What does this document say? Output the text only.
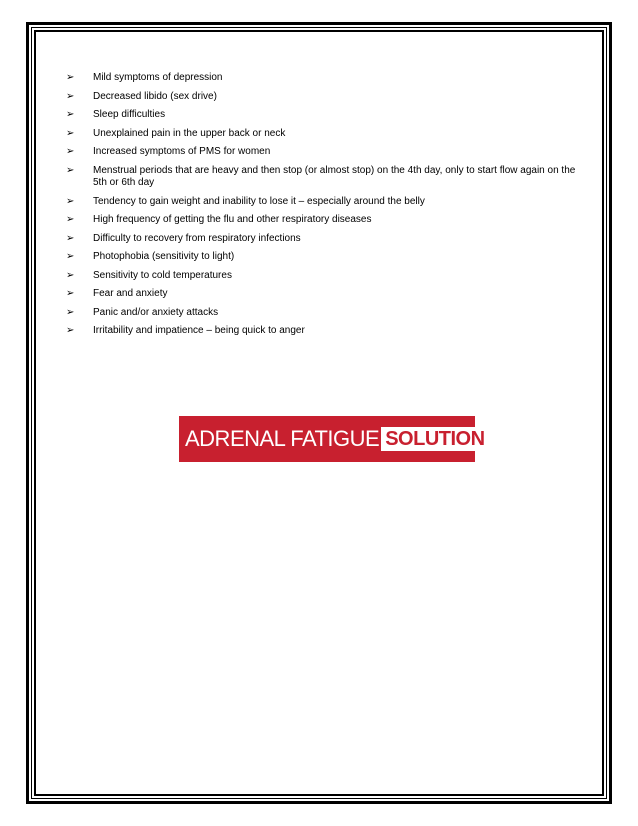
➢	Mild symptoms of depression
➢	Decreased libido (sex drive)
➢	Sleep difficulties
➢	Unexplained pain in the upper back or neck
➢	Increased symptoms of PMS for women
➢	Menstrual periods that are heavy and then stop (or almost stop) on the 4th day, only to start flow again on the 5th or 6th day
➢	Tendency to gain weight and inability to lose it – especially around the belly
➢	High frequency of getting the flu and other respiratory diseases
➢	Difficulty to recovery from respiratory infections
➢	Photophobia (sensitivity to light)
➢	Sensitivity to cold temperatures
➢	Fear and anxiety
➢	Panic and/or anxiety attacks
➢	Irritability and impatience – being quick to anger
ADRENAL FATIGUE SOLUTION
